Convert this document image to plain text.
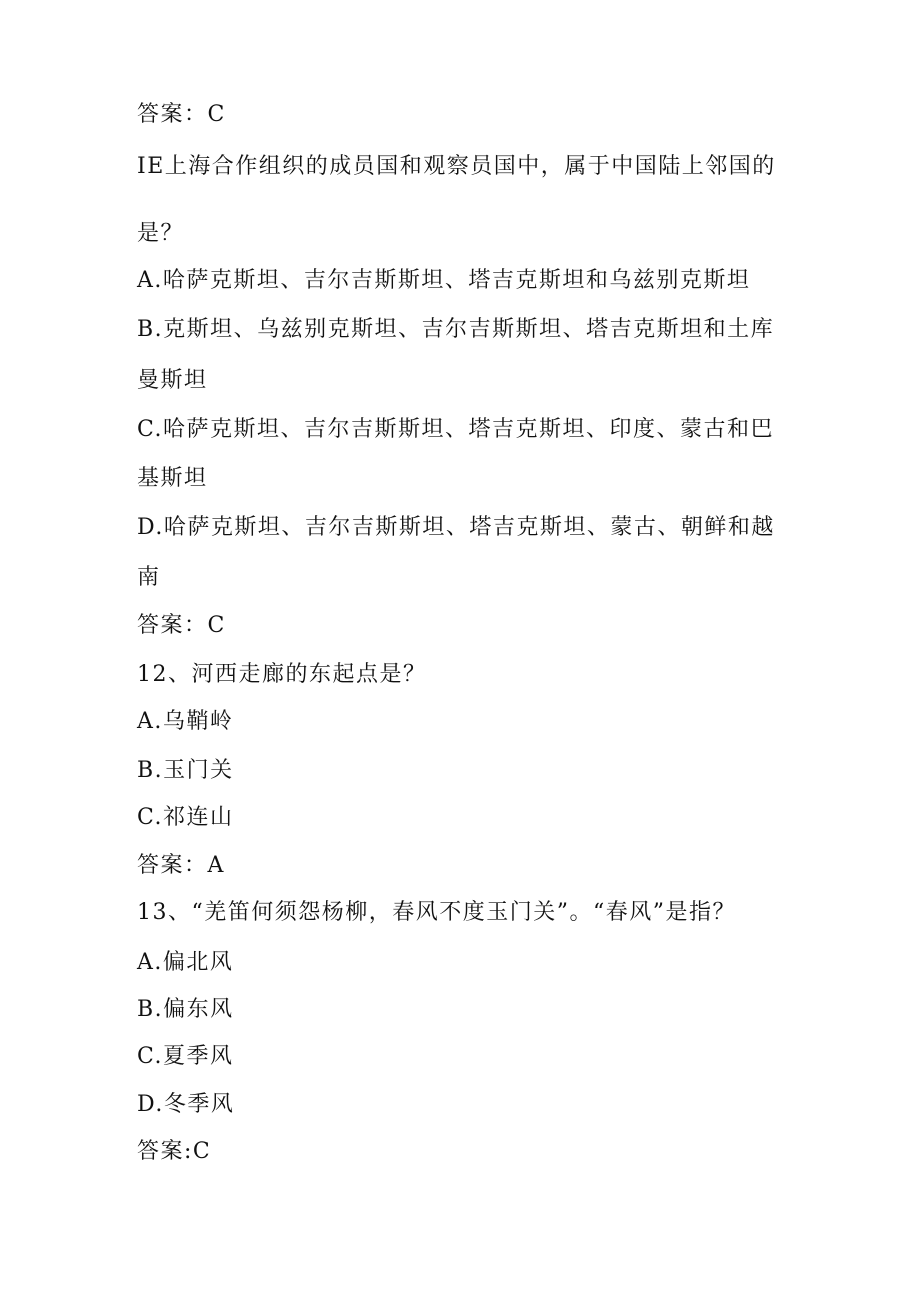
答案：C
IE上海合作组织的成员国和观察员国中，属于中国陆上邻国的
是？
A.哈萨克斯坦、吉尔吉斯斯坦、塔吉克斯坦和乌兹别克斯坦
B.克斯坦、乌兹别克斯坦、吉尔吉斯斯坦、塔吉克斯坦和土库
曼斯坦
C.哈萨克斯坦、吉尔吉斯斯坦、塔吉克斯坦、印度、蒙古和巴
基斯坦
D.哈萨克斯坦、吉尔吉斯斯坦、塔吉克斯坦、蒙古、朝鲜和越
南
答案：C
12、河西走廊的东起点是？
A.乌鞘岭
B.玉门关
C.祁连山
答案：A
13、“羌笛何须怨杨柳，春风不度玉门关”。“春风”是指？
A.偏北风
B.偏东风
C.夏季风
D.冬季风
答案:C
